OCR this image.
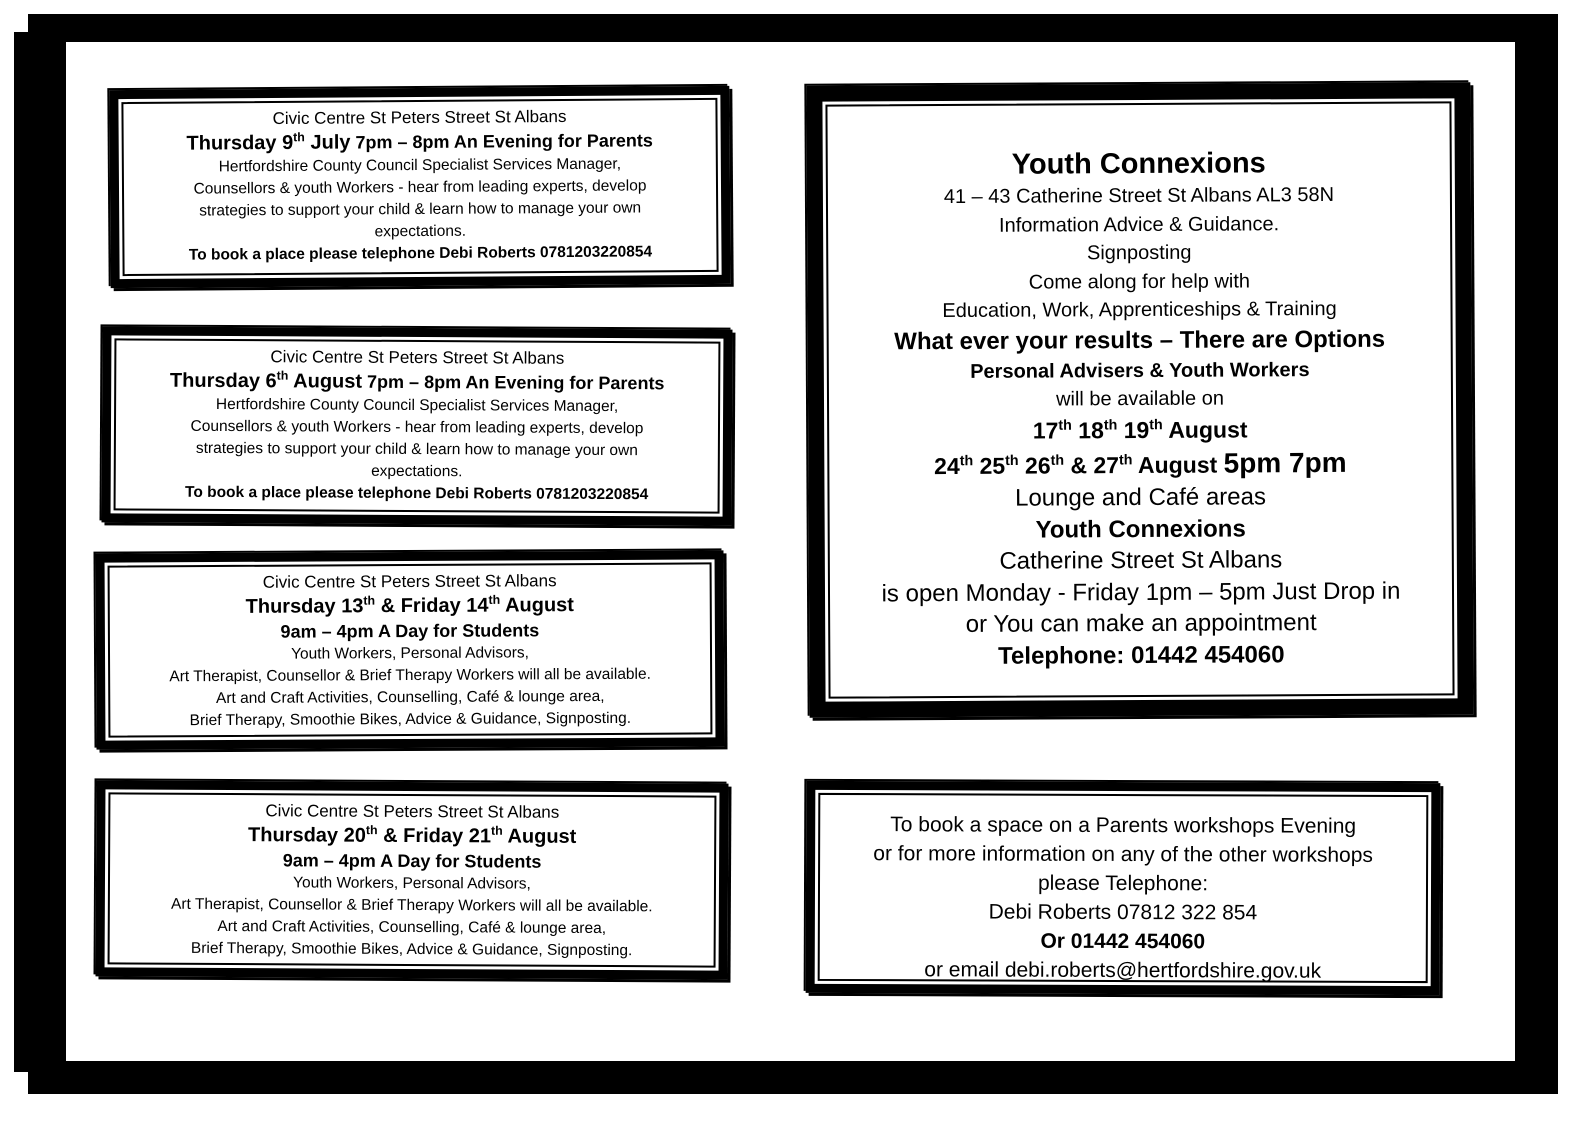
Civic Centre St Peters Street St Albans
Thursday 9th July 7pm – 8pm An Evening for Parents
Hertfordshire County Council Specialist Services Manager,
Counsellors & youth Workers - hear from leading experts, develop
strategies to support your child & learn how to manage your own
expectations.
To book a place please telephone Debi Roberts 0781203220854
Civic Centre St Peters Street St Albans
Thursday 6th August 7pm – 8pm An Evening for Parents
Hertfordshire County Council Specialist Services Manager,
Counsellors & youth Workers - hear from leading experts, develop
strategies to support your child & learn how to manage your own
expectations.
To book a place please telephone Debi Roberts 0781203220854
Civic Centre St Peters Street St Albans
Thursday 13th & Friday 14th August
9am – 4pm A Day for Students
Youth Workers, Personal Advisors,
Art Therapist, Counsellor & Brief Therapy Workers will all be available.
Art and Craft Activities, Counselling, Café & lounge area,
Brief Therapy, Smoothie Bikes, Advice & Guidance, Signposting.
Civic Centre St Peters Street St Albans
Thursday 20th & Friday 21th August
9am – 4pm A Day for Students
Youth Workers, Personal Advisors,
Art Therapist, Counsellor & Brief Therapy Workers will all be available.
Art and Craft Activities, Counselling, Café & lounge area,
Brief Therapy, Smoothie Bikes, Advice & Guidance, Signposting.
Youth Connexions
41 – 43 Catherine Street St Albans AL3 58N
Information Advice & Guidance.
Signposting
Come along for help with
Education, Work, Apprenticeships & Training
What ever your results – There are Options
Personal Advisers & Youth Workers
will be available on
17th 18th 19th August
24th 25th 26th & 27th August 5pm 7pm
Lounge and Café areas
Youth Connexions
Catherine Street St Albans
is open Monday - Friday 1pm – 5pm Just Drop in
or You can make an appointment
Telephone: 01442 454060
To book a space on a Parents workshops Evening
or for more information on any of the other workshops
please Telephone:
Debi Roberts 07812 322 854
Or 01442 454060
or email debi.roberts@hertfordshire.gov.uk
